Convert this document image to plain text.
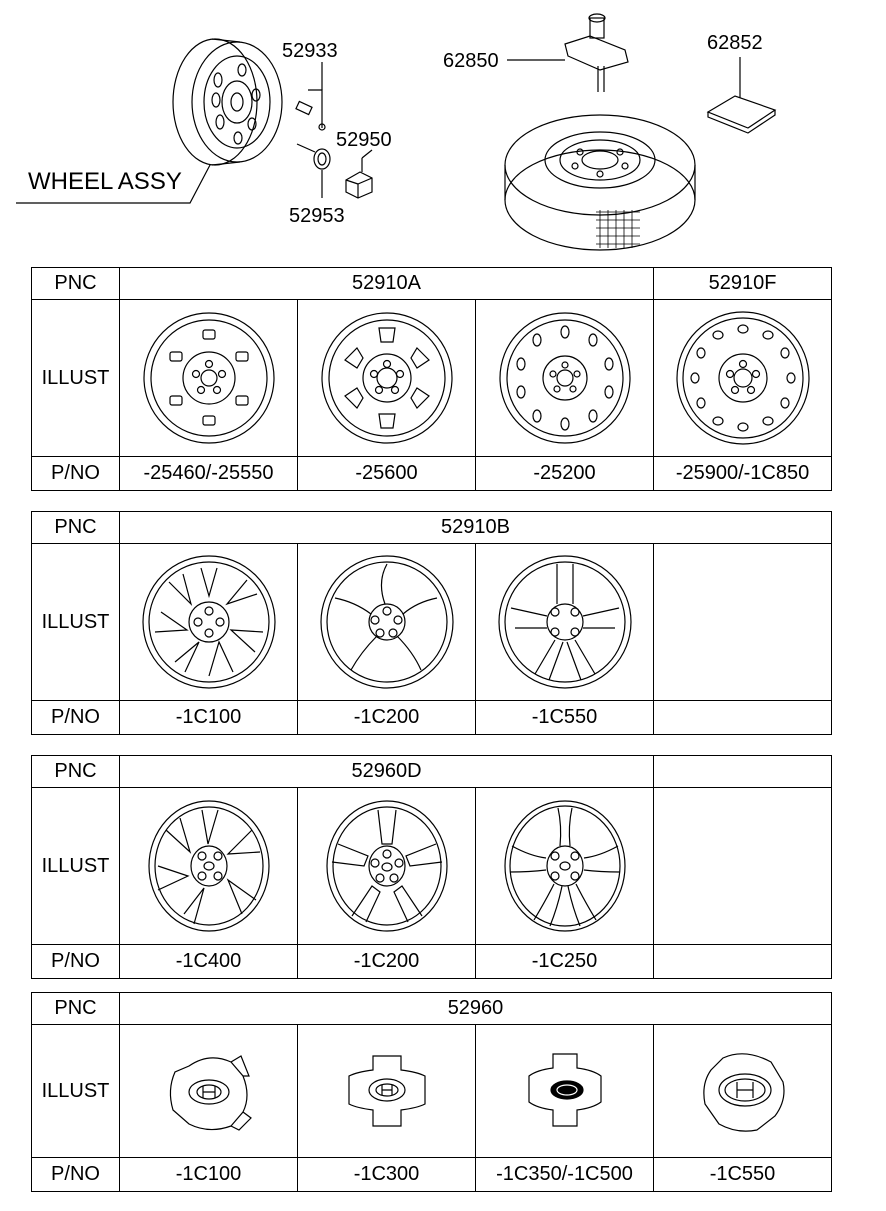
52933
52950
52953
WHEEL ASSY
62850
62852
PNC	52910A			52910F
ILLUST	

P/NO	-25460/-25550	-25600	-25200	-25900/-1C850
PNC	52910B			
ILLUST	

P/NO	-1C100	-1C200	-1C550	
PNC	52960D			
ILLUST	

P/NO	-1C400	-1C200	-1C250	
PNC	52960			
ILLUST	

P/NO	-1C100	-1C300	-1C350/-1C500	-1C550
